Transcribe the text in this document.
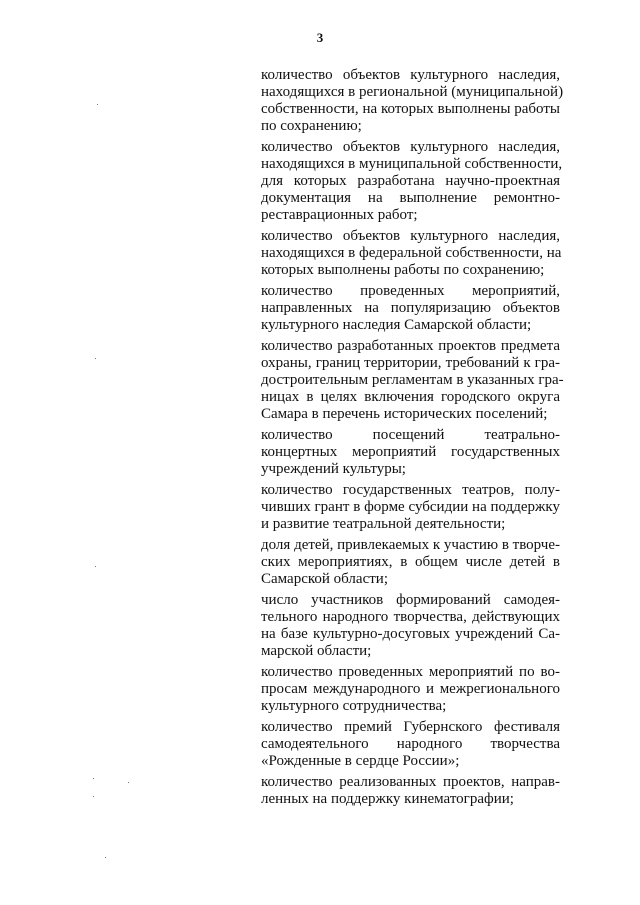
3
количество объектов культурного наследия,
находящихся в региональной (муниципальной)
собственности, на которых выполнены работы
по сохранению;
количество объектов культурного наследия,
находящихся в муниципальной собственности,
для которых разработана научно-проектная
документация на выполнение ремонтно-
реставрационных работ;
количество объектов культурного наследия,
находящихся в федеральной собственности, на
которых выполнены работы по сохранению;
количество проведенных мероприятий,
направленных на популяризацию объектов
культурного наследия Самарской области;
количество разработанных проектов предмета
охраны, границ территории, требований к гра-
достроительным регламентам в указанных гра-
ницах в целях включения городского округа
Самара в перечень исторических поселений;
количество посещений театрально-
концертных мероприятий государственных
учреждений культуры;
количество государственных театров, полу-
чивших грант в форме субсидии на поддержку
и развитие театральной деятельности;
доля детей, привлекаемых к участию в творче-
ских мероприятиях, в общем числе детей в
Самарской области;
число участников формирований самодея-
тельного народного творчества, действующих
на базе культурно-досуговых учреждений Са-
марской области;
количество проведенных мероприятий по во-
просам международного и межрегионального
культурного сотрудничества;
количество премий Губернского фестиваля
самодеятельного народного творчества
«Рожденные в сердце России»;
количество реализованных проектов, направ-
ленных на поддержку кинематографии;
